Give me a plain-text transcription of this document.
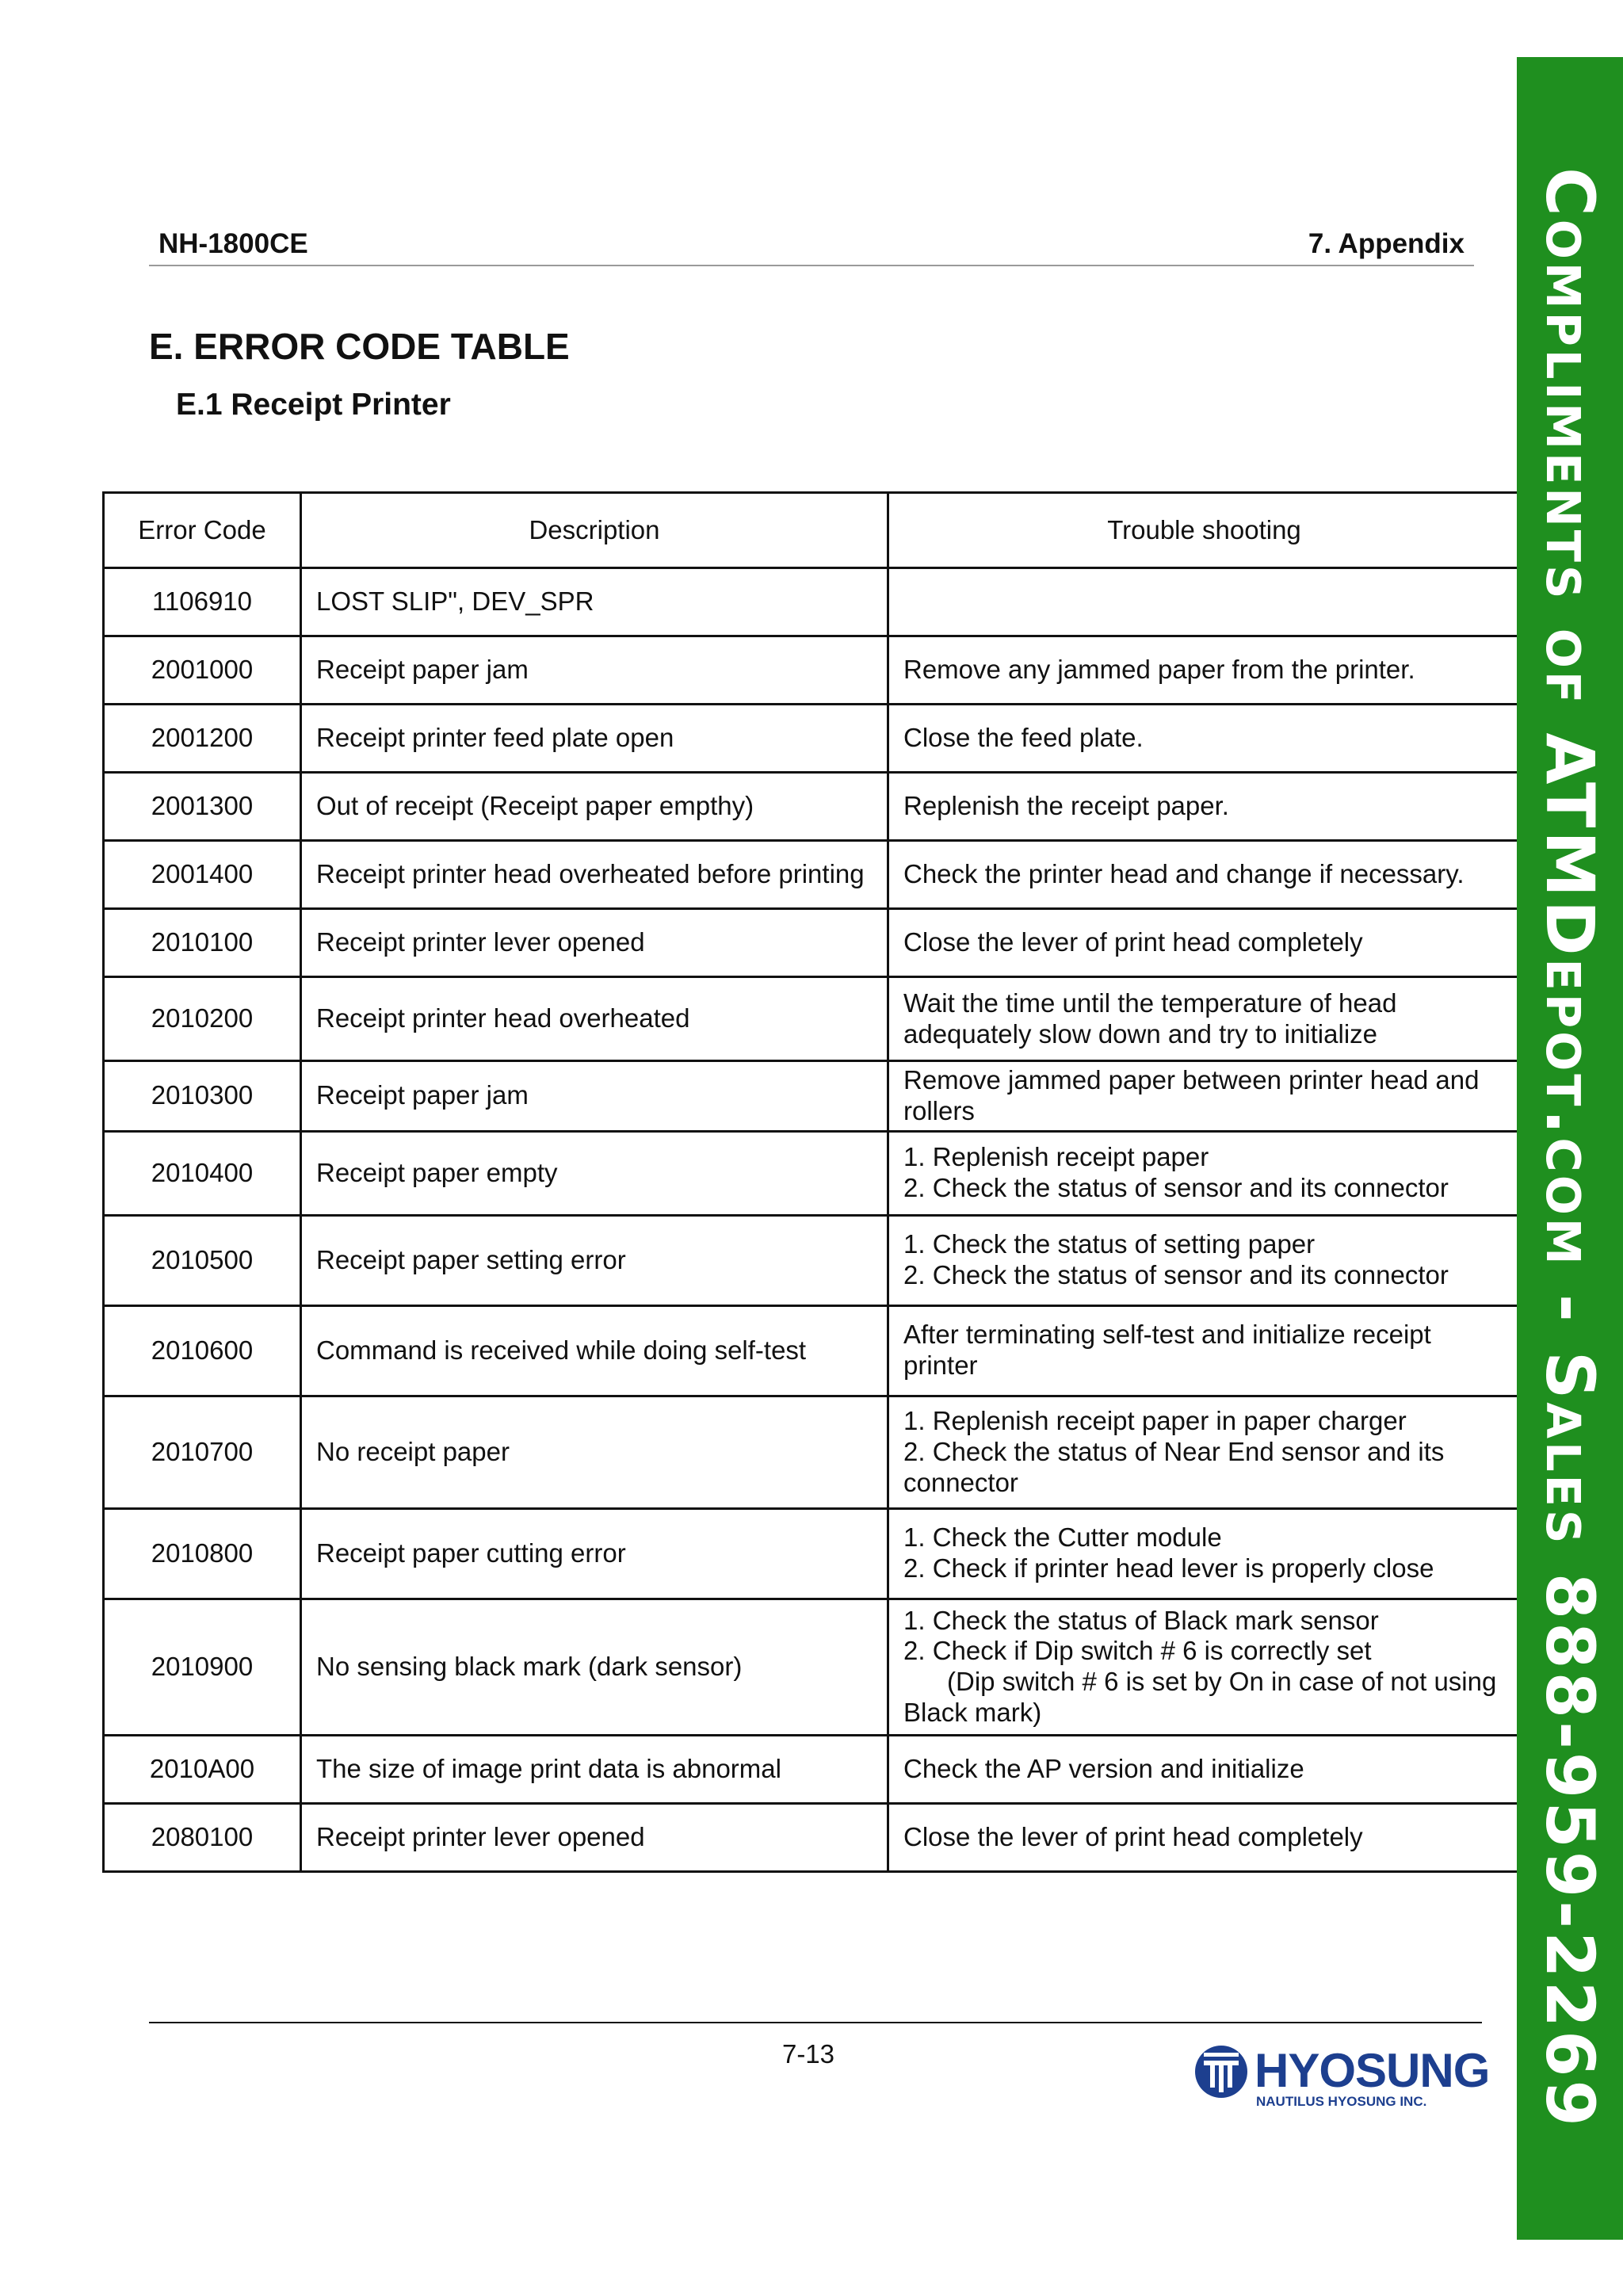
NH-1800CE	7. Appendix
E. ERROR CODE TABLE
E.1 Receipt Printer
Error Code	Description	Trouble shooting
1106910	LOST SLIP", DEV_SPR	
2001000	Receipt paper jam	Remove any jammed paper from the printer.
2001200	Receipt printer feed plate open	Close the feed plate.
2001300	Out of receipt (Receipt paper empthy)	Replenish the receipt paper.
2001400	Receipt printer head overheated before printing	Check the printer head and change if necessary.
2010100	Receipt printer lever opened	Close the lever of print head completely
2010200	Receipt printer head overheated	Wait the time until the temperature of head adequately slow down and try to initialize
2010300	Receipt paper jam	Remove jammed paper between printer head and rollers
2010400	Receipt paper empty	1. Replenish receipt paper
2. Check the status of sensor and its connector
2010500	Receipt paper setting error	1. Check the status of setting paper
2. Check the status of sensor and its connector
2010600	Command is received while doing self-test	After terminating self-test and initialize receipt printer
2010700	No receipt paper	1. Replenish receipt paper in paper charger
2. Check the status of Near End sensor and its connector
2010800	Receipt paper cutting error	1. Check the Cutter module
2. Check if printer head lever is properly close
2010900	No sensing black mark (dark sensor)	1. Check the status of Black mark sensor
2. Check if Dip switch # 6 is correctly set
(Dip switch # 6 is set by On in case of not using Black mark)
2010A00	The size of image print data is abnormal	Check the AP version and initialize
2080100	Receipt printer lever opened	Close the lever of print head completely
7-13	HYOSUNG
NAUTILUS HYOSUNG INC. Compliments of ATMDepot.com - Sales 888-959-2269
